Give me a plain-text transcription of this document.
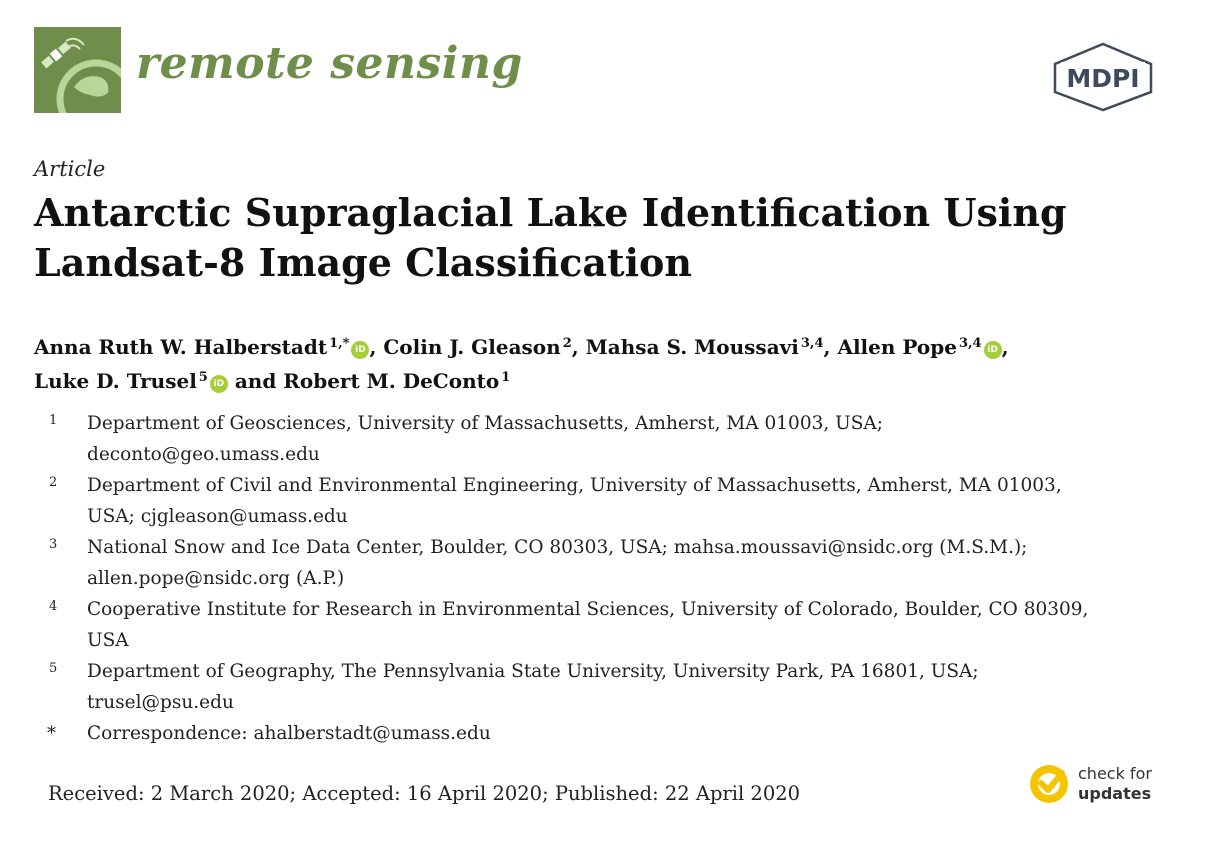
remote sensing	MDPI
Article
Antarctic Supraglacial Lake Identification Using
Landsat-8 Image Classification
Anna Ruth W. Halberstadt $^{1,*}$ iD , Colin J. Gleason $^2$, Mahsa S. Moussavi $^{3,4}$, Allen Pope $^{3,4}$ iD ,
Luke D. Trusel $^5$ iD and Robert M. DeConto $^1$
1 Department of Geosciences, University of Massachusetts, Amherst, MA 01003, USA;
deconto@geo.umass.edu
2 Department of Civil and Environmental Engineering, University of Massachusetts, Amherst, MA 01003,
USA; cjgleason@umass.edu
3 National Snow and Ice Data Center, Boulder, CO 80303, USA; mahsa.moussavi@nsidc.org (M.S.M.);
allen.pope@nsidc.org (A.P.)
4 Cooperative Institute for Research in Environmental Sciences, University of Colorado, Boulder, CO 80309,
USA
5 Department of Geography, The Pennsylvania State University, University Park, PA 16801, USA;
trusel@psu.edu
* Correspondence: ahalberstadt@umass.edu
Received: 2 March 2020; Accepted: 16 April 2020; Published: 22 April 2020
check for
updates
